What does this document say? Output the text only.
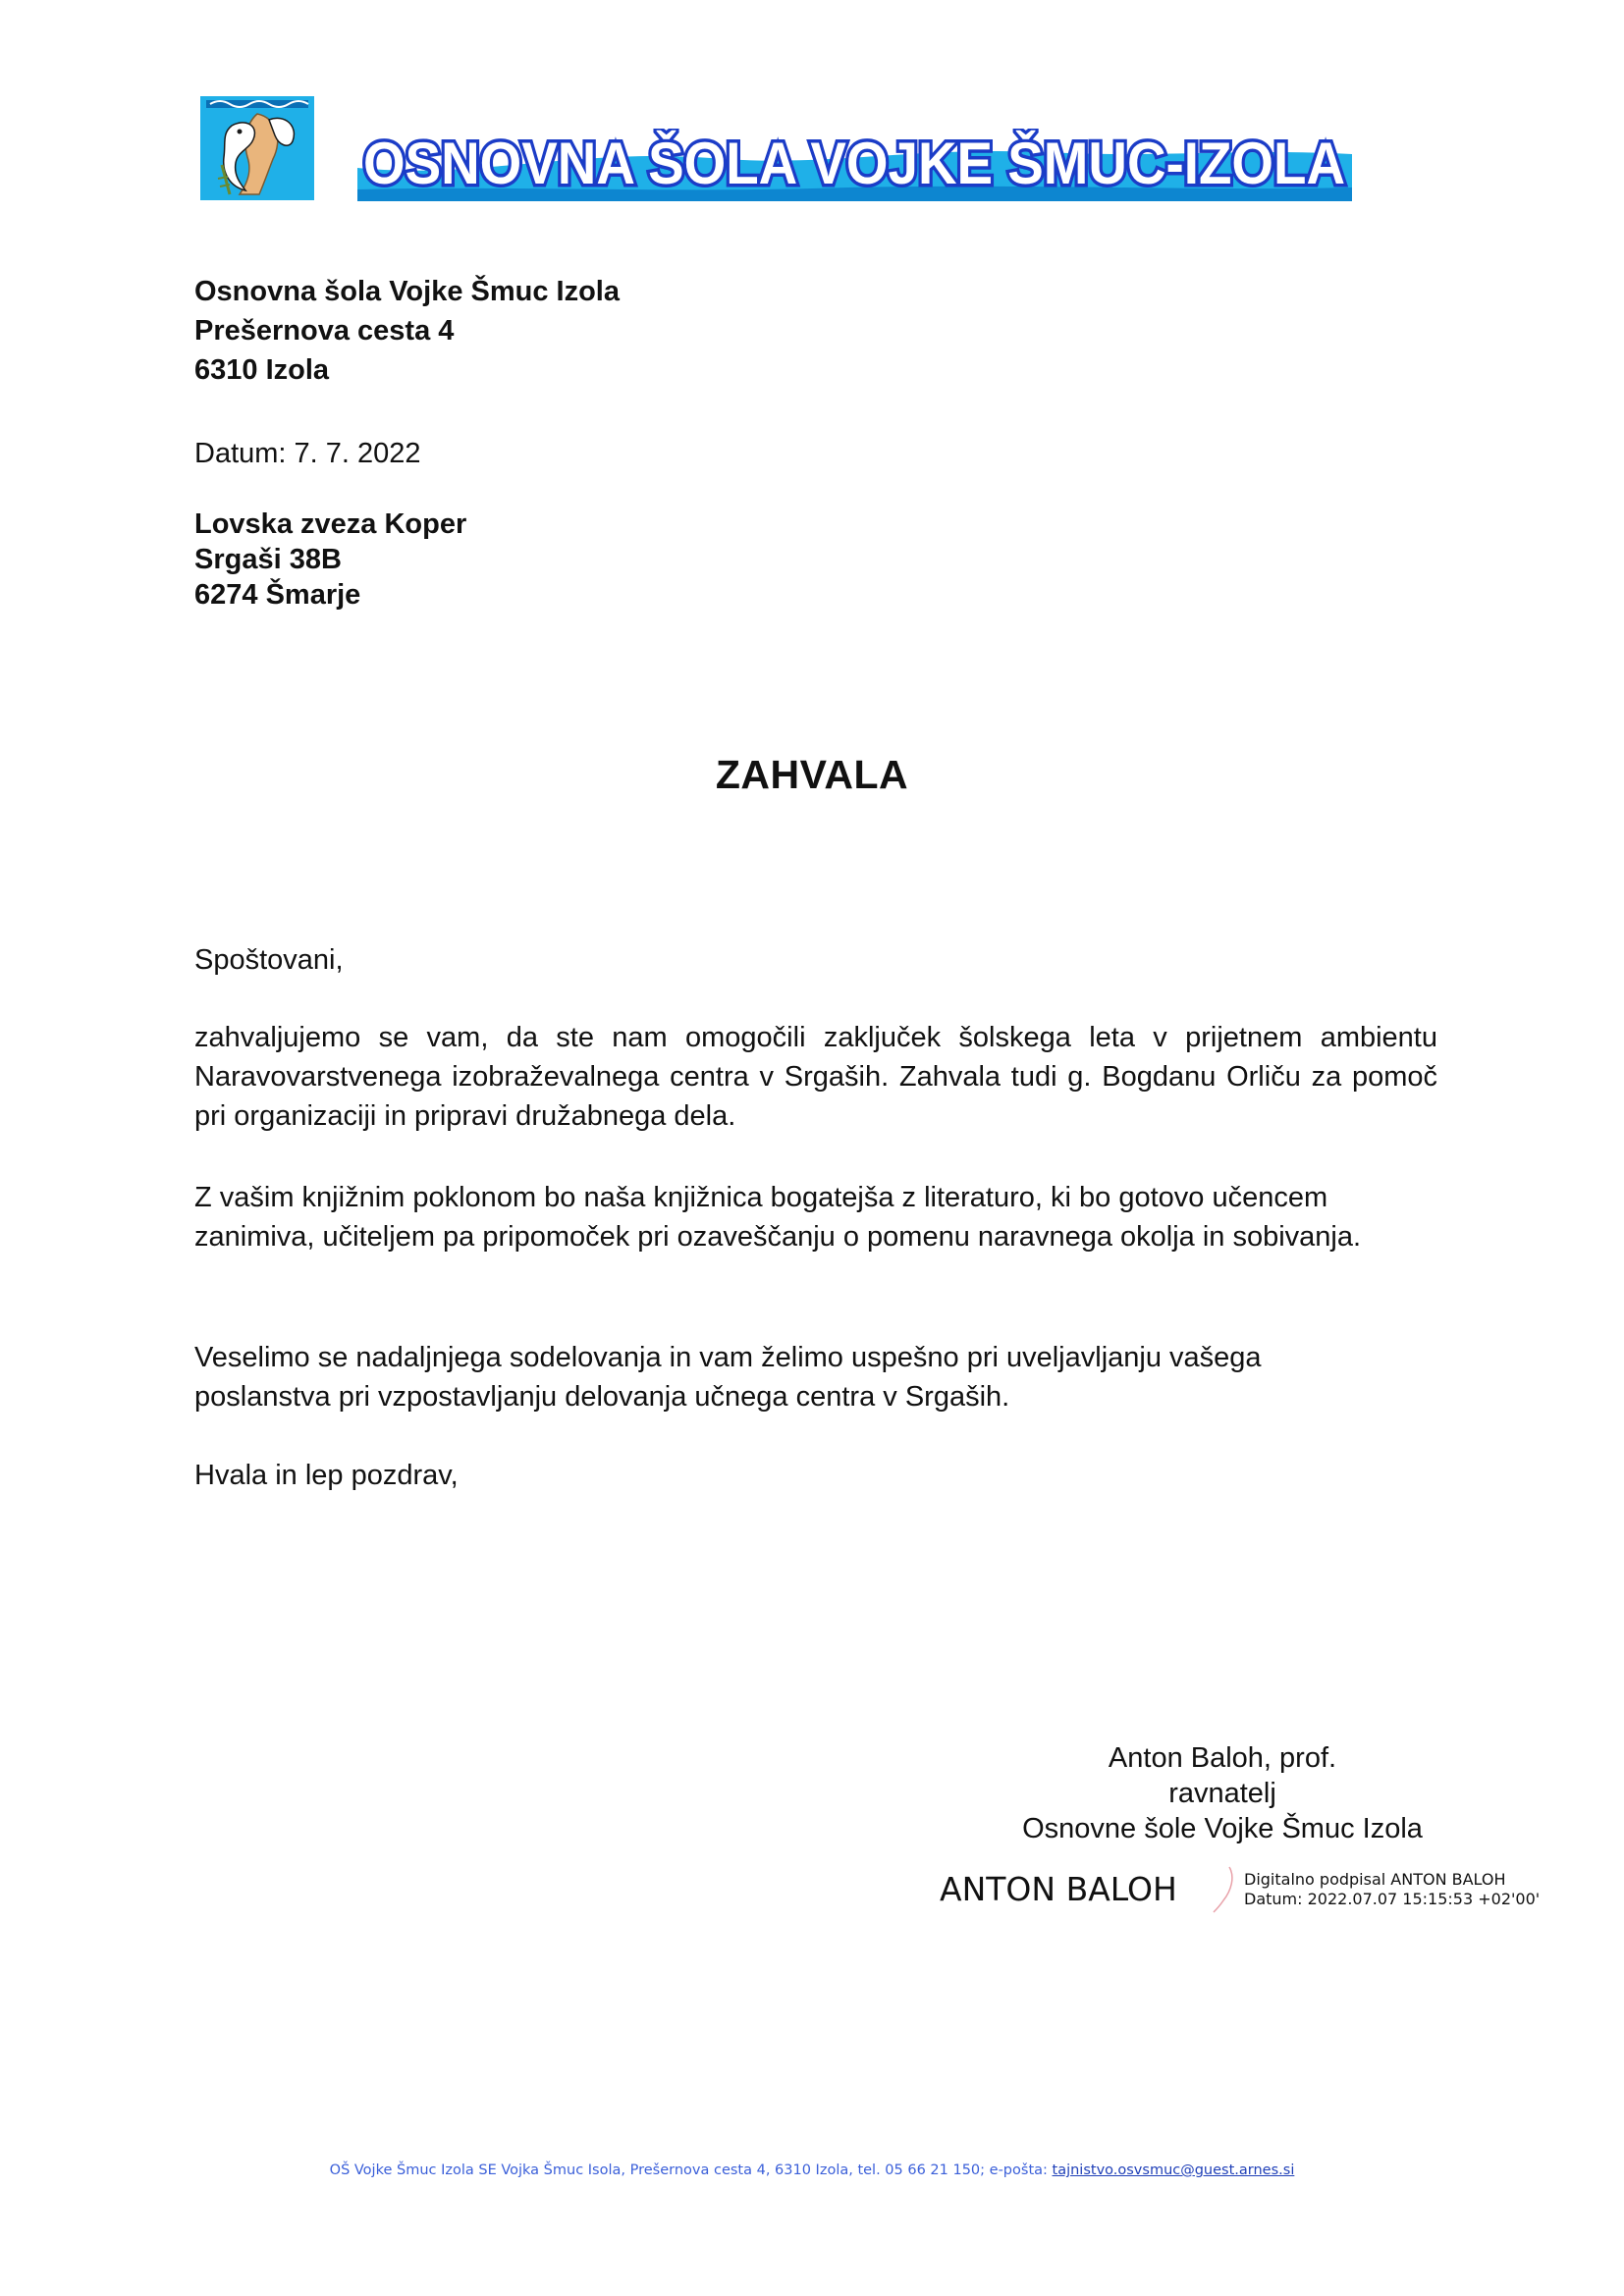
OSNOVNA ŠOLA VOJKE ŠMUC-IZOLA
Osnovna šola Vojke Šmuc Izola
Prešernova cesta 4
6310 Izola
Datum: 7. 7. 2022
Lovska zveza Koper
Srgaši 38B
6274 Šmarje
ZAHVALA
Spoštovani,
zahvaljujemo se vam, da ste nam omogočili zaključek šolskega leta v prijetnem ambientu Naravovarstvenega izobraževalnega centra v Srgaših. Zahvala tudi g. Bogdanu Orliču za pomoč pri organizaciji in pripravi družabnega dela.
Z vašim knjižnim poklonom bo naša knjižnica bogatejša z literaturo, ki bo gotovo učencem
zanimiva, učiteljem pa pripomoček pri ozaveščanju o pomenu naravnega okolja in sobivanja.
Veselimo se nadaljnjega sodelovanja in vam želimo uspešno pri uveljavljanju vašega
poslanstva pri vzpostavljanju delovanja učnega centra v Srgaših.
Hvala in lep pozdrav,
Anton Baloh, prof.
ravnatelj
Osnovne šole Vojke Šmuc Izola
ANTON BALOH	Digitalno podpisal ANTON BALOH
Datum: 2022.07.07 15:15:53 +02'00'
OŠ Vojke Šmuc Izola SE Vojka Šmuc Isola, Prešernova cesta 4, 6310 Izola, tel. 05 66 21 150; e-pošta: tajnistvo.osvsmuc@guest.arnes.si
